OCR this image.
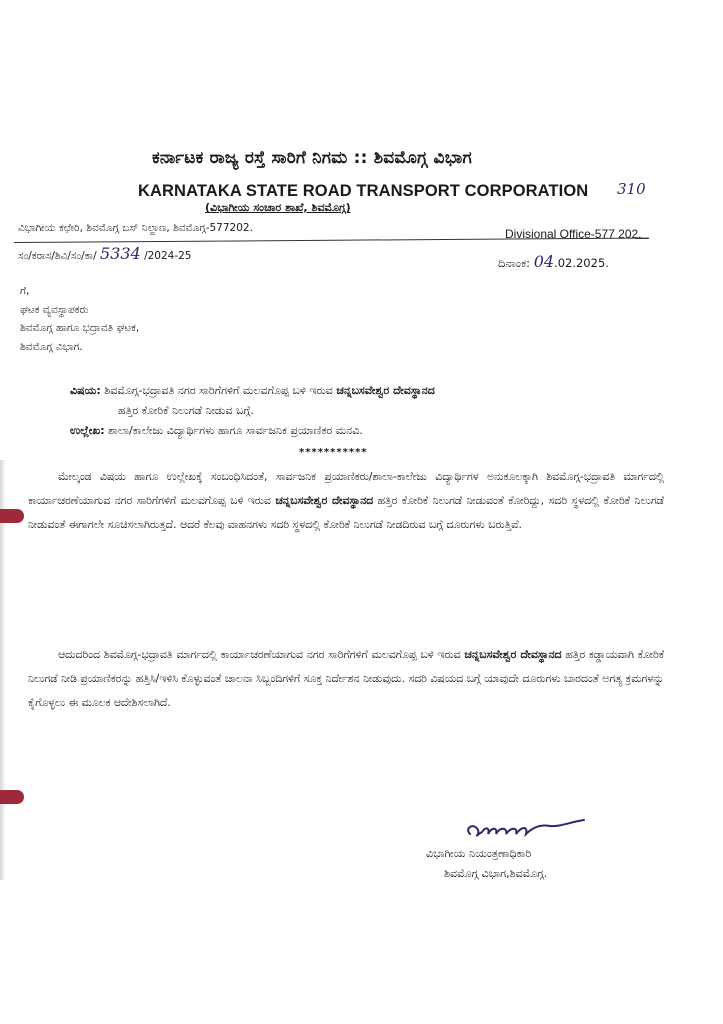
ಕರ್ನಾಟಕ ರಾಜ್ಯ ರಸ್ತೆ ಸಾರಿಗೆ ನಿಗಮ :: ಶಿವಮೊಗ್ಗ ವಿಭಾಗ
KARNATAKA STATE ROAD TRANSPORT CORPORATION
(ವಿಭಾಗೀಯ ಸಂಚಾರ ಶಾಖೆ, ಶಿವಮೊಗ್ಗ)
310
ವಿಭಾಗೀಯ ಕಛೇರಿ, ಶಿವಮೊಗ್ಗ ಬಸ್ ನಿಲ್ದಾಣ, ಶಿವಮೊಗ್ಗ-577202.	Divisional Office-577 202.
ಸಂ/ಕರಾಸ/ಶಿವಿ/ಸಂ/ಕಾ/ 5334 /2024-25	ದಿನಾಂಕ: 04.02.2025.
ಗೆ,
ಘಟಕ ವ್ಯವಸ್ಥಾಪಕರು
ಶಿವಮೊಗ್ಗ ಹಾಗೂ ಭದ್ರಾವತಿ ಘಟಕ,
ಶಿವಮೊಗ್ಗ ವಿಭಾಗ.
ವಿಷಯ: ಶಿವಮೊಗ್ಗ-ಭದ್ರಾವತಿ ನಗರ ಸಾರಿಗೆಗಳಿಗೆ ಮಲವಗೊಪ್ಪ ಬಳಿ ಇರುವ ಚನ್ನಬಸವೇಶ್ವರ ದೇವಸ್ಥಾನದ
ಹತ್ತಿರ ಕೋರಿಕೆ ನಿಲುಗಡೆ ನೀಡುವ ಬಗ್ಗೆ.
ಉಲ್ಲೇಖ: ಶಾಲಾ/ಕಾಲೇಜು ವಿದ್ಯಾರ್ಥಿಗಳು ಹಾಗೂ ಸಾರ್ವಜನಿಕ ಪ್ರಯಾಣಿಕರ ಮನವಿ.
***********
ಮೇಲ್ಕಂಡ ವಿಷಯ ಹಾಗೂ ಉಲ್ಲೇಖಕ್ಕೆ ಸಂಬಂಧಿಸಿದಂತೆ, ಸಾರ್ವಜನಿಕ ಪ್ರಯಾಣಿಕರು/ಶಾಲಾ-ಕಾಲೇಜು ವಿದ್ಯಾರ್ಥಿಗಳ ಅನುಕೂಲಕ್ಕಾಗಿ ಶಿವಮೊಗ್ಗ-ಭದ್ರಾವತಿ ಮಾರ್ಗದಲ್ಲಿ ಕಾರ್ಯಾಚರಣೆಯಾಗುವ ನಗರ ಸಾರಿಗೆಗಳಿಗೆ ಮಲವಗೊಪ್ಪ ಬಳಿ ಇರುವ ಚನ್ನಬಸವೇಶ್ವರ ದೇವಸ್ಥಾನದ ಹತ್ತಿರ ಕೋರಿಕೆ ನಿಲುಗಡೆ ನೀಡುವಂತೆ ಕೋರಿದ್ದು, ಸದರಿ ಸ್ಥಳದಲ್ಲಿ ಕೋರಿಕೆ ನಿಲುಗಡೆ ನೀಡುವಂತೆ ಈಗಾಗಲೇ ಸೂಚಿಸಲಾಗಿರುತ್ತದೆ. ಆದರೆ ಕೆಲವು ವಾಹನಗಳು ಸದರಿ ಸ್ಥಳದಲ್ಲಿ ಕೋರಿಕೆ ನಿಲುಗಡೆ ನೀಡದಿರುವ ಬಗ್ಗೆ ದೂರುಗಳು ಬರುತ್ತಿವೆ.
ಆದುದರಿಂದ ಶಿವಮೊಗ್ಗ-ಭದ್ರಾವತಿ ಮಾರ್ಗದಲ್ಲಿ ಕಾರ್ಯಾಚರಣೆಯಾಗುವ ನಗರ ಸಾರಿಗೆಗಳಿಗೆ ಮಲವಗೊಪ್ಪ ಬಳಿ ಇರುವ ಚನ್ನಬಸವೇಶ್ವರ ದೇವಸ್ಥಾನದ ಹತ್ತಿರ ಕಡ್ಡಾಯವಾಗಿ ಕೋರಿಕೆ ನಿಲುಗಡೆ ನೀಡಿ ಪ್ರಯಾಣಿಕರನ್ನು ಹತ್ತಿಸಿ/ಇಳಿಸಿ ಕೊಳ್ಳುವಂತೆ ಚಾಲನಾ ಸಿಬ್ಬಂದಿಗಳಿಗೆ ಸೂಕ್ತ ನಿರ್ದೇಶನ ನೀಡುವುದು. ಸದರಿ ವಿಷಯದ ಬಗ್ಗೆ ಯಾವುದೇ ದೂರುಗಳು ಬಾರದಂತೆ ಅಗತ್ಯ ಕ್ರಮಗಳನ್ನು ಕೈಗೊಳ್ಳಲು ಈ ಮೂಲಕ ಆದೇಶಿಸಲಾಗಿದೆ.
ವಿಭಾಗೀಯ ನಿಯಂತ್ರಣಾಧಿಕಾರಿ
ಶಿವಮೊಗ್ಗ ವಿಭಾಗ,ಶಿವಮೊಗ್ಗ.
